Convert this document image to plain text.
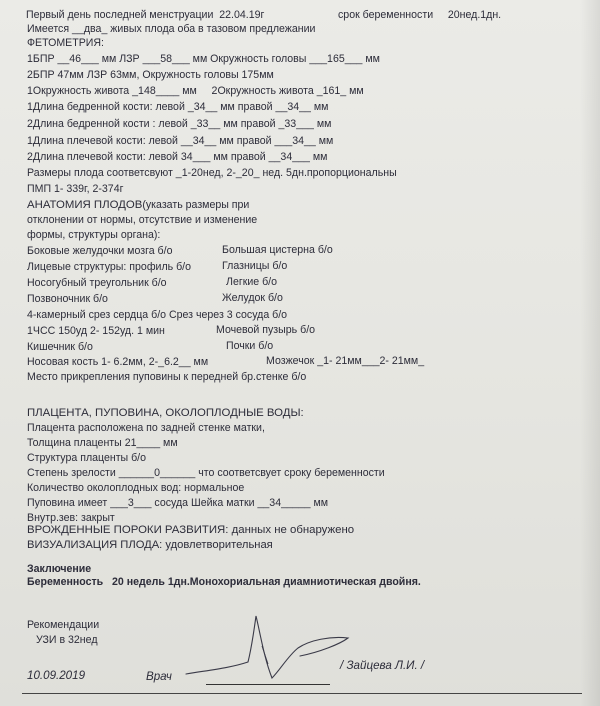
Первый день последней менструации 22.04.19г	срок беременности 20нед.1дн.
Имеется __два_ живых плода оба в тазовом предлежании
ФЕТОМЕТРИЯ:
1БПР __46___ мм ЛЗР ___58___ мм Окружность головы ___165___ мм
2БПР 47мм ЛЗР 63мм, Окружность головы 175мм
1Окружность живота _148____ мм 2Окружность живота _161_ мм
1Длина бедренной кости: левой _34__ мм правой __34__ мм
2Длина бедренной кости : левой _33__ мм правой _33___ мм
1Длина плечевой кости: левой __34__ мм правой ___34__ мм
2Длина плечевой кости: левой 34___ мм правой __34___ мм
Размеры плода соответсвуют _1-20нед, 2-_20_ нед. 5дн.пропорциональны
ПМП 1- 339г, 2-374г
АНАТОМИЯ ПЛОДОВ(указать размеры при
отклонении от нормы, отсутствие и изменение
формы, структуры органа):
Боковые желудочки мозга б/о	Большая цистерна б/о
Лицевые структуры: профиль б/о	Глазницы б/о
Носогубный треугольник б/о	Легкие б/о
Позвоночник б/о	Желудок б/о
4-камерный срез сердца б/о Срез через 3 сосуда б/о
1ЧСС 150уд 2- 152уд. 1 мин	Мочевой пузырь б/о
Кишечник б/о	Почки б/о
Носовая кость 1- 6.2мм, 2-_6.2__ мм	Мозжечок _1- 21мм___2- 21мм_
Место прикрепления пуповины к передней бр.стенке б/о
ПЛАЦЕНТА, ПУПОВИНА, ОКОЛОПЛОДНЫЕ ВОДЫ:
Плацента расположена по задней стенке матки,
Толщина плаценты 21____ мм
Структура плаценты б/о
Степень зрелости ______0______ что соответсвует сроку беременности
Количество околоплодных вод: нормальное
Пуповина имеет ___3___ сосуда Шейка матки __34_____ мм
Внутр.зев: закрыт
ВРОЖДЕННЫЕ ПОРОКИ РАЗВИТИЯ: данных не обнаружено
ВИЗУАЛИЗАЦИЯ ПЛОДА: удовлетворительная
Заключение
Беременность 20 недель 1дн.Монохориальная диамниотическая двойня.
Рекомендации
УЗИ в 32нед
10.09.2019	Врач
/ Зайцева Л.И. /
